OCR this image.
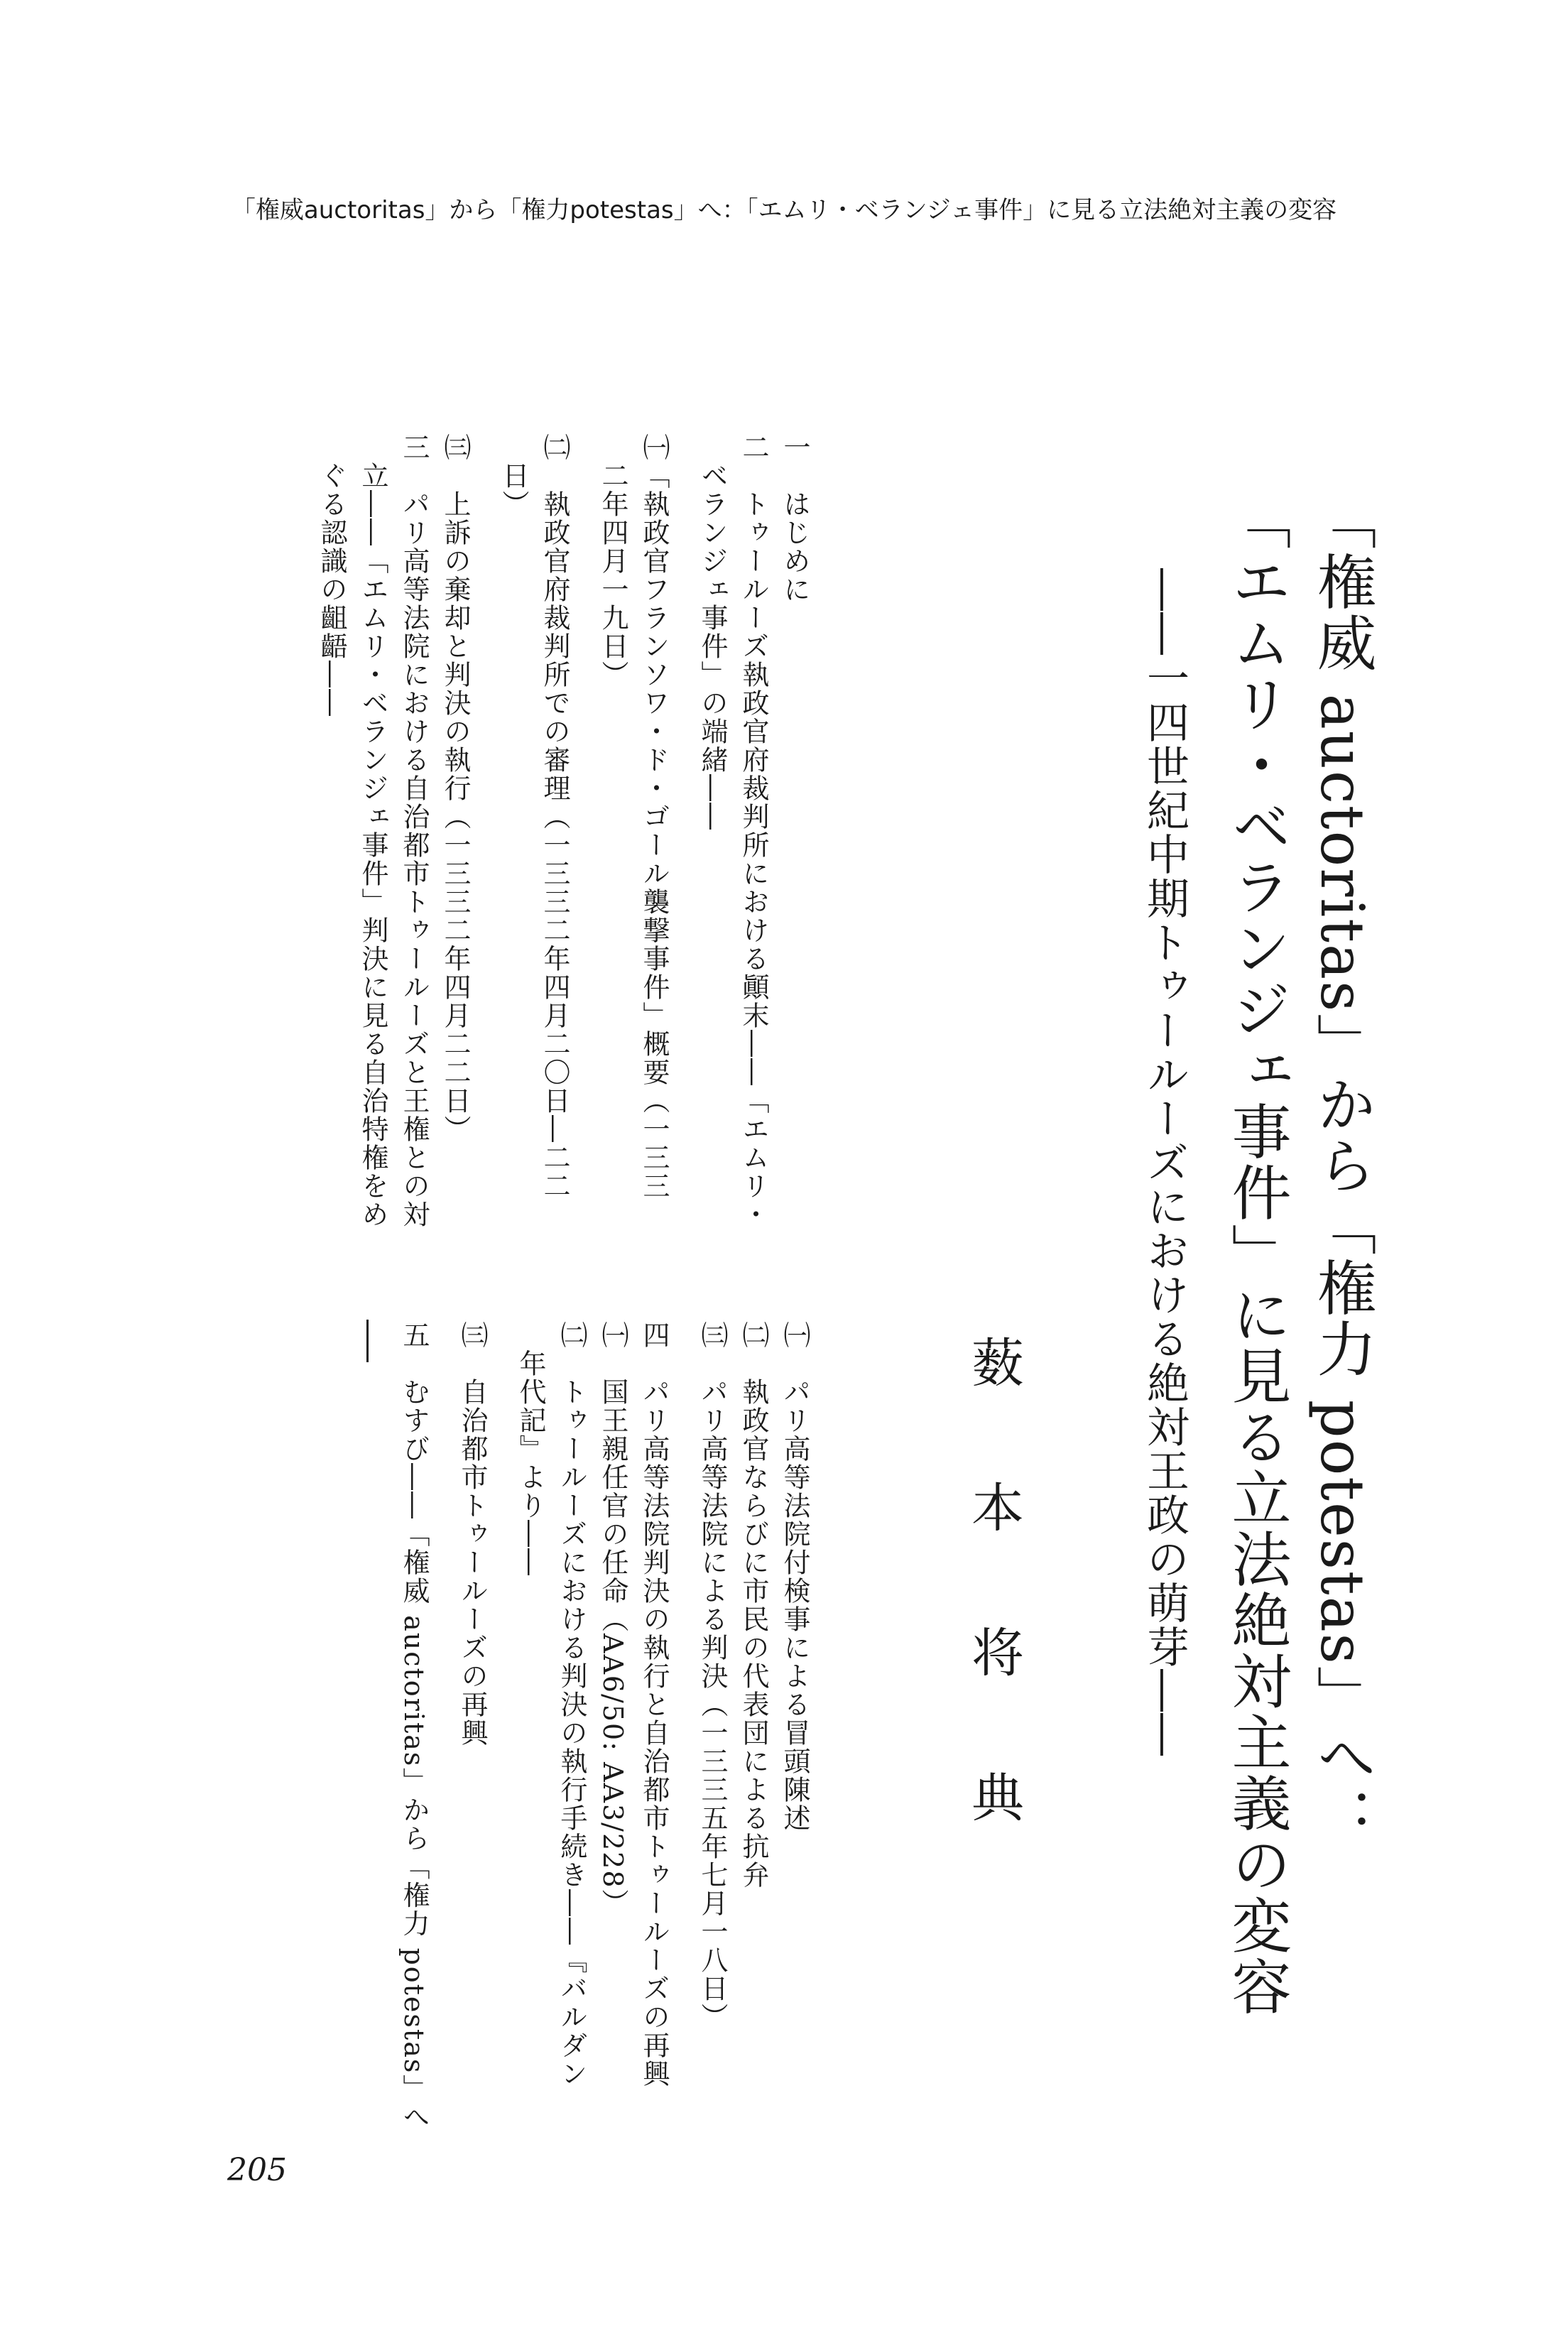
「権威auctoritas」から「権力potestas」へ：「エムリ・ベランジェ事件」に見る立法絶対主義の変容
「権威 auctoritas」から「権力 potestas」へ：
「エムリ・ベランジェ事件」に見る立法絶対主義の変容
――一四世紀中期トゥールーズにおける絶対王政の萌芽――
薮本将典
一　はじめに
二　トゥールーズ執政官府裁判所における顚末――「エムリ・
　ベランジェ事件」の端緒――
㈠「執政官フランソワ・ド・ゴール襲撃事件」概要（一三三
　二年四月一九日）
㈡　執政官府裁判所での審理（一三三二年四月二〇日―二二
　日）
㈢　上訴の棄却と判決の執行（一三三二年四月二二日）
三　パリ高等法院における自治都市トゥールーズと王権との対
　立――「エムリ・ベランジェ事件」判決に見る自治特権をめ
　ぐる認識の齟齬――
㈠　パリ高等法院付検事による冒頭陳述
㈡　執政官ならびに市民の代表団による抗弁
㈢　パリ高等法院による判決（一三三五年七月一八日）
四　パリ高等法院判決の執行と自治都市トゥールーズの再興
㈠　国王親任官の任命（AA6/50: AA3/228）
㈡　トゥールーズにおける判決の執行手続き――『バルダン
　年代記』より――
㈢　自治都市トゥールーズの再興
五　むすび――「権威 auctoritas」から「権力 potestas」へ
205
